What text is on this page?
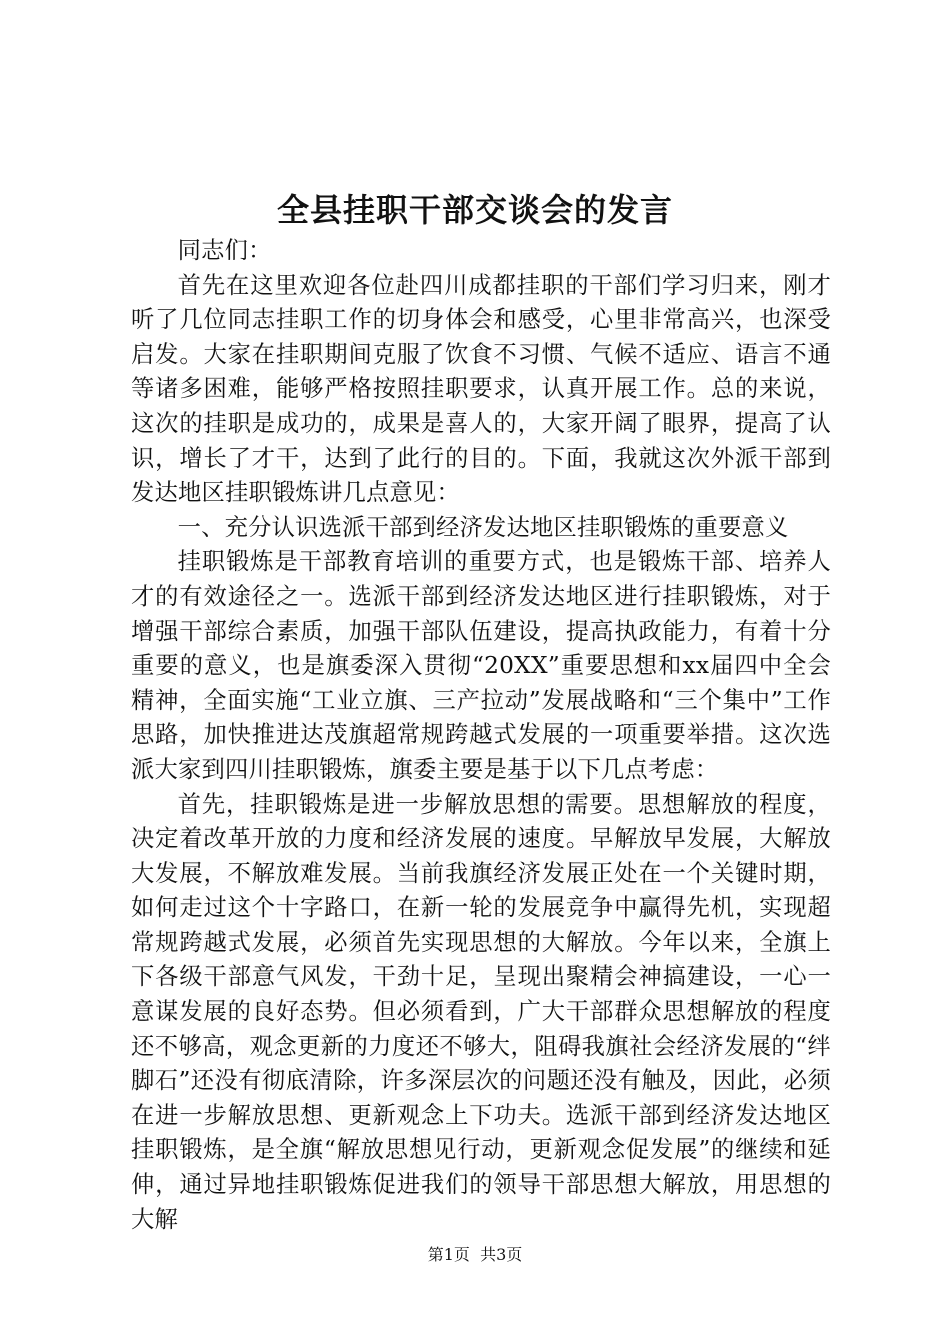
全县挂职干部交谈会的发言

同志们：

首先在这里欢迎各位赴四川成都挂职的干部们学习归来，刚才听了几位同志挂职工作的切身体会和感受，心里非常高兴，也深受启发。大家在挂职期间克服了饮食不习惯、气候不适应、语言不通等诸多困难，能够严格按照挂职要求，认真开展工作。总的来说，这次的挂职是成功的，成果是喜人的，大家开阔了眼界，提高了认识，增长了才干，达到了此行的目的。下面，我就这次外派干部到发达地区挂职锻炼讲几点意见：

一、充分认识选派干部到经济发达地区挂职锻炼的重要意义

挂职锻炼是干部教育培训的重要方式，也是锻炼干部、培养人才的有效途径之一。选派干部到经济发达地区进行挂职锻炼，对于增强干部综合素质，加强干部队伍建设，提高执政能力，有着十分重要的意义，也是旗委深入贯彻“20XX”重要思想和xx届四中全会精神，全面实施“工业立旗、三产拉动”发展战略和“三个集中”工作思路，加快推进达茂旗超常规跨越式发展的一项重要举措。这次选派大家到四川挂职锻炼，旗委主要是基于以下几点考虑：

首先，挂职锻炼是进一步解放思想的需要。思想解放的程度，决定着改革开放的力度和经济发展的速度。早解放早发展，大解放大发展，不解放难发展。当前我旗经济发展正处在一个关键时期，如何走过这个十字路口，在新一轮的发展竞争中赢得先机，实现超常规跨越式发展，必须首先实现思想的大解放。今年以来，全旗上下各级干部意气风发，干劲十足，呈现出聚精会神搞建设，一心一意谋发展的良好态势。但必须看到，广大干部群众思想解放的程度还不够高，观念更新的力度还不够大，阻碍我旗社会经济发展的“绊脚石”还没有彻底清除，许多深层次的问题还没有触及，因此，必须在进一步解放思想、更新观念上下功夫。选派干部到经济发达地区挂职锻炼，是全旗“解放思想见行动，更新观念促发展”的继续和延伸，通过异地挂职锻炼促进我们的领导干部思想大解放，用思想的大解

第1页 共3页
